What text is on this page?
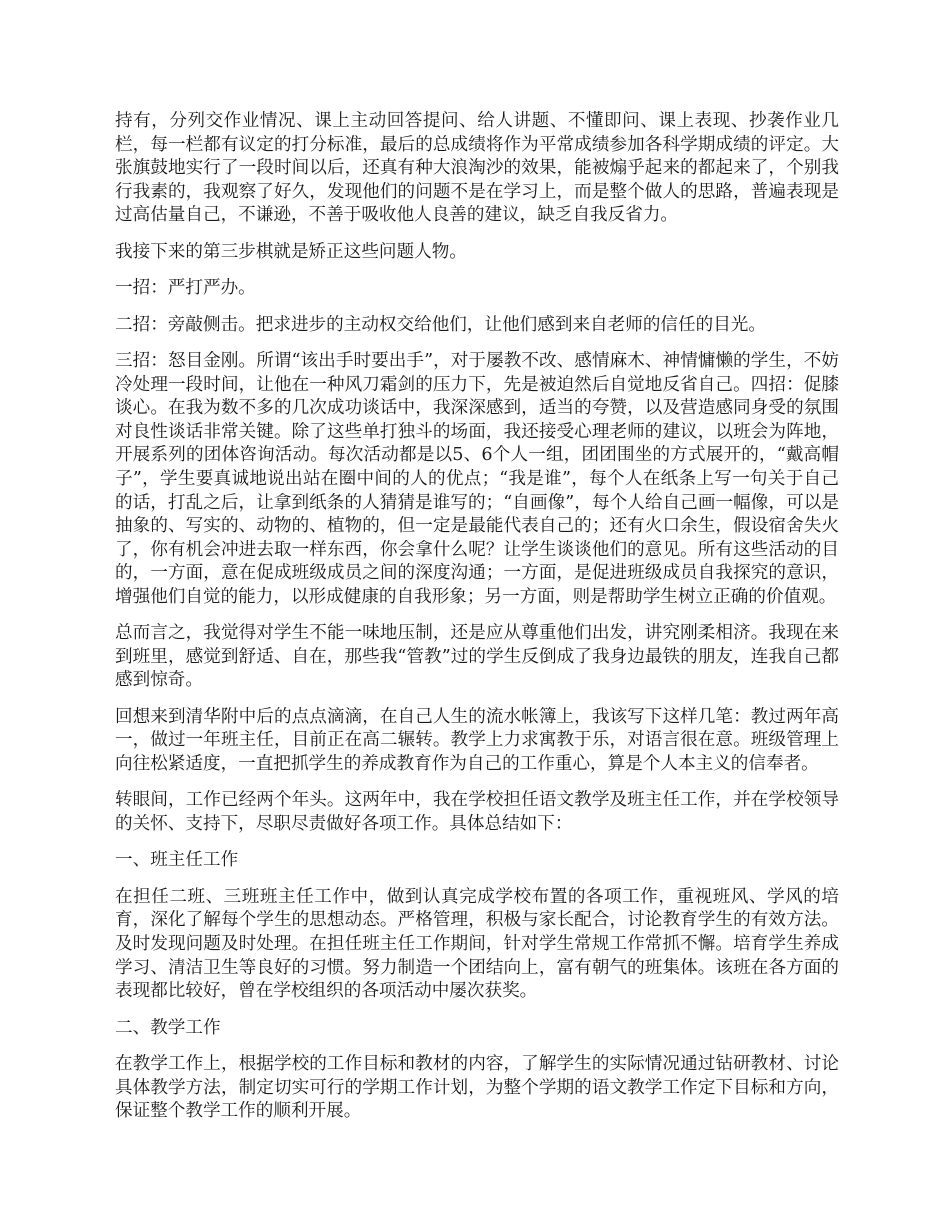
持有，分列交作业情况、课上主动回答提问、给人讲题、不懂即问、课上表现、抄袭作业几栏，每一栏都有议定的打分标准，最后的总成绩将作为平常成绩参加各科学期成绩的评定。大张旗鼓地实行了一段时间以后，还真有种大浪淘沙的效果，能被煽乎起来的都起来了，个别我行我素的，我观察了好久，发现他们的问题不是在学习上，而是整个做人的思路，普遍表现是过高估量自己，不谦逊，不善于吸收他人良善的建议，缺乏自我反省力。

我接下来的第三步棋就是矫正这些问题人物。

一招：严打严办。

二招：旁敲侧击。把求进步的主动权交给他们，让他们感到来自老师的信任的目光。

三招：怒目金刚。所谓“该出手时要出手”，对于屡教不改、感情麻木、神情慵懒的学生，不妨冷处理一段时间，让他在一种风刀霜剑的压力下，先是被迫然后自觉地反省自己。四招：促膝谈心。在我为数不多的几次成功谈话中，我深深感到，适当的夸赞，以及营造感同身受的氛围对良性谈话非常关键。除了这些单打独斗的场面，我还接受心理老师的建议，以班会为阵地，开展系列的团体咨询活动。每次活动都是以5、6个人一组，团团围坐的方式展开的，“戴高帽子”，学生要真诚地说出站在圈中间的人的优点；“我是谁”，每个人在纸条上写一句关于自己的话，打乱之后，让拿到纸条的人猜猜是谁写的；“自画像”，每个人给自己画一幅像，可以是抽象的、写实的、动物的、植物的，但一定是最能代表自己的；还有火口余生，假设宿舍失火了，你有机会冲进去取一样东西，你会拿什么呢？让学生谈谈他们的意见。所有这些活动的目的，一方面，意在促成班级成员之间的深度沟通；一方面，是促进班级成员自我探究的意识，增强他们自觉的能力，以形成健康的自我形象；另一方面，则是帮助学生树立正确的价值观。

总而言之，我觉得对学生不能一味地压制，还是应从尊重他们出发，讲究刚柔相济。我现在来到班里，感觉到舒适、自在，那些我“管教”过的学生反倒成了我身边最铁的朋友，连我自己都感到惊奇。

回想来到清华附中后的点点滴滴，在自己人生的流水帐簿上，我该写下这样几笔：教过两年高一，做过一年班主任，目前正在高二辗转。教学上力求寓教于乐，对语言很在意。班级管理上向往松紧适度，一直把抓学生的养成教育作为自己的工作重心，算是个人本主义的信奉者。

转眼间，工作已经两个年头。这两年中，我在学校担任语文教学及班主任工作，并在学校领导的关怀、支持下，尽职尽责做好各项工作。具体总结如下：

一、班主任工作

在担任二班、三班班主任工作中，做到认真完成学校布置的各项工作，重视班风、学风的培育，深化了解每个学生的思想动态。严格管理，积极与家长配合，讨论教育学生的有效方法。及时发现问题及时处理。在担任班主任工作期间，针对学生常规工作常抓不懈。培育学生养成学习、清洁卫生等良好的习惯。努力制造一个团结向上，富有朝气的班集体。该班在各方面的表现都比较好，曾在学校组织的各项活动中屡次获奖。

二、教学工作

在教学工作上，根据学校的工作目标和教材的内容，了解学生的实际情况通过钻研教材、讨论具体教学方法，制定切实可行的学期工作计划，为整个学期的语文教学工作定下目标和方向，保证整个教学工作的顺利开展。
